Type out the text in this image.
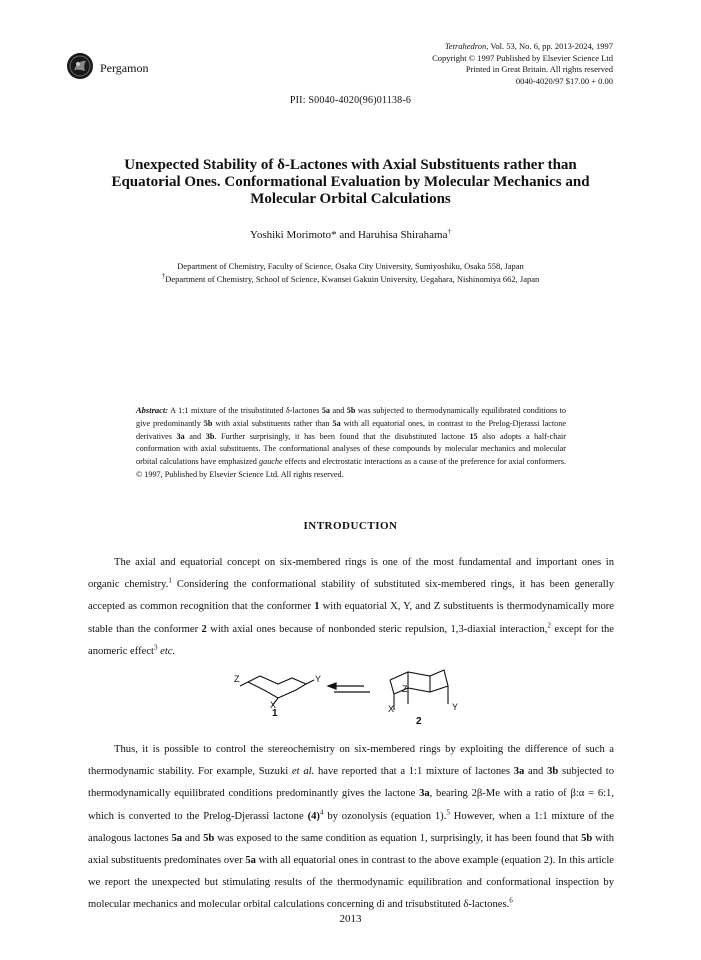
Pergamon
Tetrahedron, Vol. 53, No. 6, pp. 2013-2024, 1997
Copyright © 1997 Published by Elsevier Science Ltd
Printed in Great Britain. All rights reserved
0040-4020/97 $17.00 + 0.00
PII: S0040-4020(96)01138-6
Unexpected Stability of δ-Lactones with Axial Substituents rather than
Equatorial Ones. Conformational Evaluation by Molecular Mechanics and
Molecular Orbital Calculations
Yoshiki Morimoto* and Haruhisa Shirahama†
Department of Chemistry, Faculty of Science, Osaka City University, Sumiyoshiku, Osaka 558, Japan
†Department of Chemistry, School of Science, Kwansei Gakuin University, Uegahara, Nishinomiya 662, Japan
Abstract: A 1:1 mixture of the trisubstituted δ-lactones 5a and 5b was subjected to thermodynamically equilibrated conditions to give predominantly 5b with axial substituents rather than 5a with all equatorial ones, in contrast to the Prelog-Djerassi lactone derivatives 3a and 3b. Further surprisingly, it has been found that the disubstituted lactone 15 also adopts a half-chair conformation with axial substituents. The conformational analyses of these compounds by molecular mechanics and molecular orbital calculations have emphasized gauche effects and electrostatic interactions as a cause of the preference for axial conformers. © 1997, Published by Elsevier Science Ltd. All rights reserved.
INTRODUCTION

The axial and equatorial concept on six-membered rings is one of the most fundamental and important ones in organic chemistry.$^1$ Considering the conformational stability of substituted six-membered rings, it has been generally accepted as common recognition that the conformer 1 with equatorial X, Y, and Z substituents is thermodynamically more stable than the conformer 2 with axial ones because of nonbonded steric repulsion, 1,3-diaxial interaction,$^2$ except for the anomeric effect$^3$ etc.

Z
X
Y
1
Z
X	Y
2

Thus, it is possible to control the stereochemistry on six-membered rings by exploiting the difference of such a thermodynamic stability. For example, Suzuki et al. have reported that a 1:1 mixture of lactones 3a and 3b subjected to thermodynamically equilibrated conditions predominantly gives the lactone 3a, bearing 2β-Me with a ratio of β:α = 6:1, which is converted to the Prelog-Djerassi lactone $(4)^4$ by ozonolysis (equation 1).$^5$ However, when a 1:1 mixture of the analogous lactones 5a and 5b was exposed to the same condition as equation 1, surprisingly, it has been found that 5b with axial substituents predominates over 5a with all equatorial ones in contrast to the above example (equation 2). In this article we report the unexpected but stimulating results of the thermodynamic equilibration and conformational inspection by molecular mechanics and molecular orbital calculations concerning di and trisubstituted δ-lactones.$^6$

2013
